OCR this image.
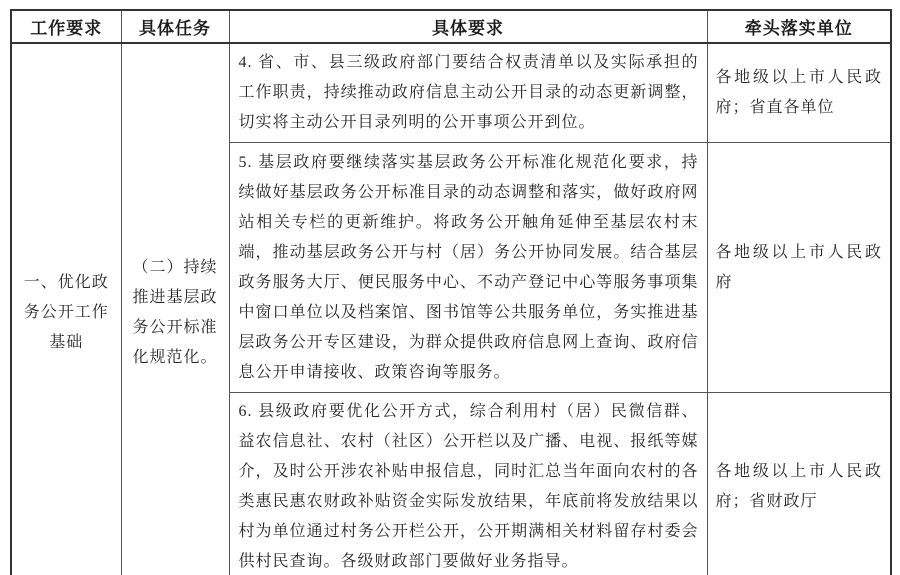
工作要求	具体任务	具体要求	牵头落实单位
一、优化政务公开工作基础	（二）持续推进基层政务公开标准化规范化。	4. 省、市、县三级政府部门要结合权责清单以及实际承担的工作职责，持续推动政府信息主动公开目录的动态更新调整，切实将主动公开目录列明的公开事项公开到位。	各地级以上市人民政府；省直各单位
		5. 基层政府要继续落实基层政务公开标准化规范化要求，持续做好基层政务公开标准目录的动态调整和落实，做好政府网站相关专栏的更新维护。将政务公开触角延伸至基层农村末端，推动基层政务公开与村（居）务公开协同发展。结合基层政务服务大厅、便民服务中心、不动产登记中心等服务事项集中窗口单位以及档案馆、图书馆等公共服务单位，务实推进基层政务公开专区建设，为群众提供政府信息网上查询、政府信息公开申请接收、政策咨询等服务。	各地级以上市人民政府
		6. 县级政府要优化公开方式，综合利用村（居）民微信群、益农信息社、农村（社区）公开栏以及广播、电视、报纸等媒介，及时公开涉农补贴申报信息，同时汇总当年面向农村的各类惠民惠农财政补贴资金实际发放结果，年底前将发放结果以村为单位通过村务公开栏公开，公开期满相关材料留存村委会供村民查询。各级财政部门要做好业务指导。	各地级以上市人民政府；省财政厅
